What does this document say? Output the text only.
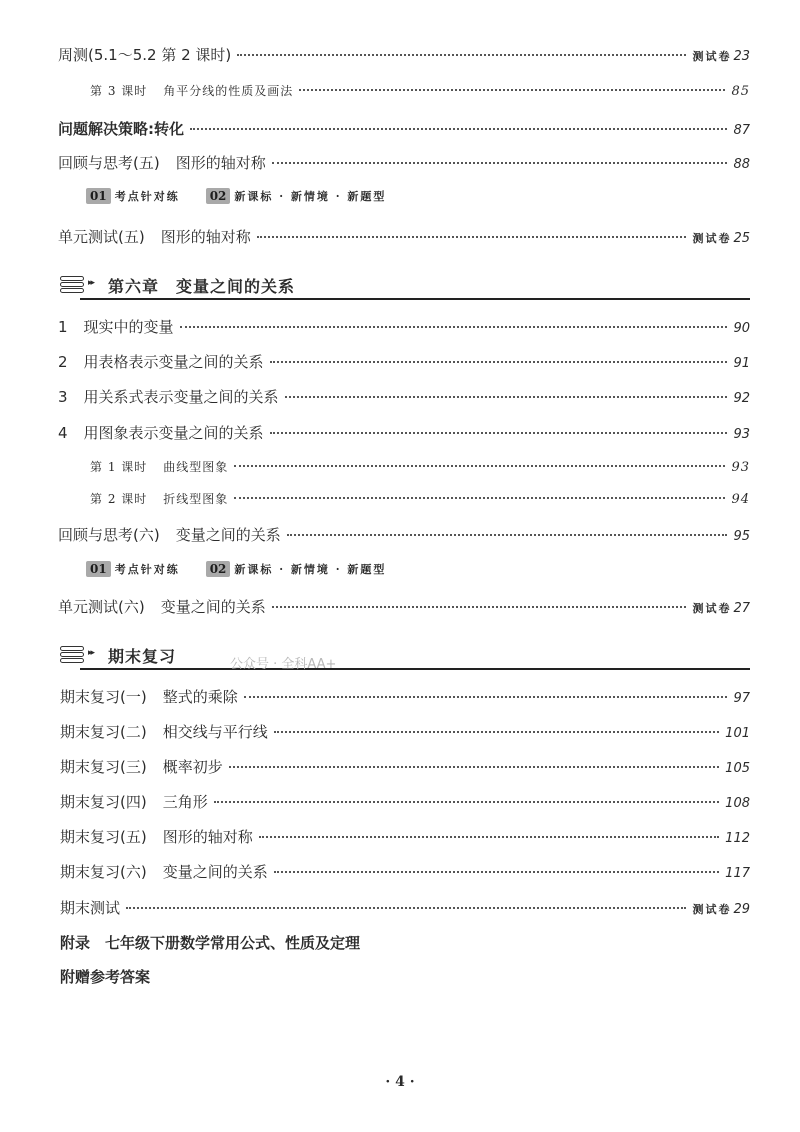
周测(5.1～5.2 第 2 课时)	测试卷 23
第 3 课时 角平分线的性质及画法	85
问题解决策略:转化	87
回顾与思考(五) 图形的轴对称	88
01 考点针对练	02 新课标 · 新情境 · 新题型
单元测试(五) 图形的轴对称	测试卷 25
▸▸ 第六章　变量之间的关系
1 现实中的变量	90
2 用表格表示变量之间的关系	91
3 用关系式表示变量之间的关系	92
4 用图象表示变量之间的关系	93
第 1 课时 曲线型图象	93
第 2 课时 折线型图象	94
回顾与思考(六) 变量之间的关系	95
01 考点针对练	02 新课标 · 新情境 · 新题型
单元测试(六) 变量之间的关系	测试卷 27
▸▸ 期末复习	公众号 · 全科AA+
期末复习(一) 整式的乘除	97
期末复习(二) 相交线与平行线	101
期末复习(三) 概率初步	105
期末复习(四) 三角形	108
期末复习(五) 图形的轴对称	112
期末复习(六) 变量之间的关系	117
期末测试	测试卷 29
附录　七年级下册数学常用公式、性质及定理
附赠参考答案
· 4 ·
